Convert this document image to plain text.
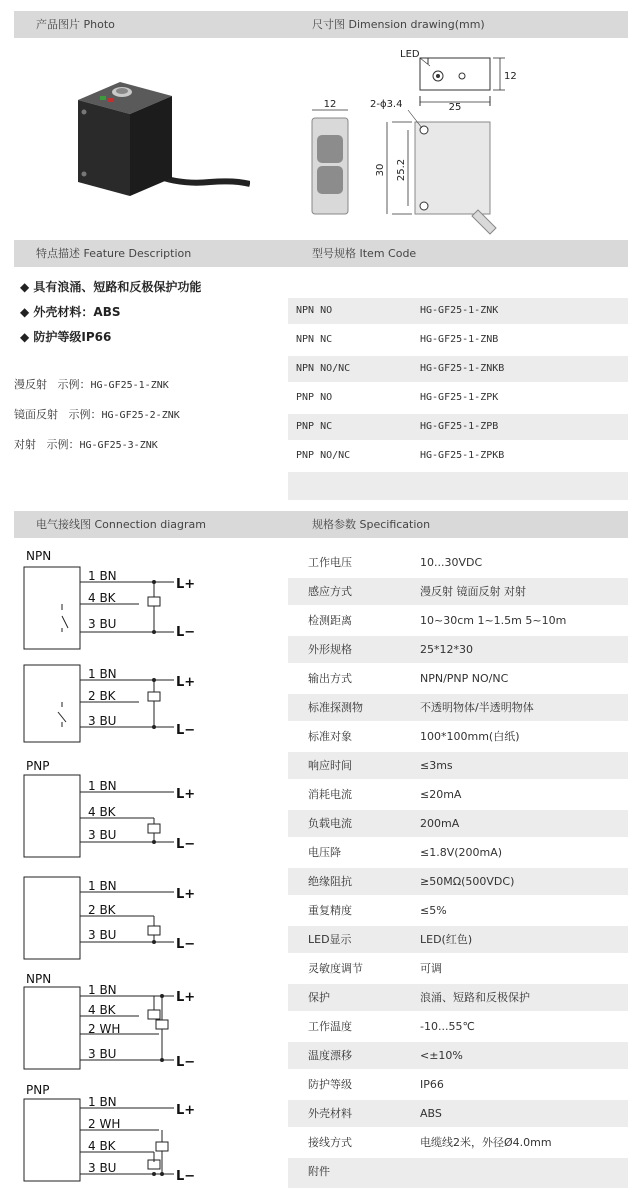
产品图片 Photo	尺寸图 Dimension drawing(mm)
25
12
LED
12
30 25.2
2-ϕ3.4
特点描述 Feature Description	型号规格 Item Code
◆ 具有浪涌、短路和反极保护功能
◆ 外壳材料：ABS
◆ 防护等级IP66
漫反射 示例：HG-GF25-1-ZNK
镜面反射 示例：HG-GF25-2-ZNK
对射 示例：HG-GF25-3-ZNK
NPN NO	HG-GF25-1-ZNK
NPN NC	HG-GF25-1-ZNB
NPN NO/NC	HG-GF25-1-ZNKB
PNP NO	HG-GF25-1-ZPK
PNP NC	HG-GF25-1-ZPB
PNP NO/NC	HG-GF25-1-ZPKB
电气接线图 Connection diagram	规格参数 Specification
NPN
1 BN
4 BK
3 BU
L+
L−
1 BN
2 BK
3 BU
L+
L−
PNP
1 BN
4 BK
3 BU
L+
L−
1 BN
2 BK
3 BU
L+
L−
NPN
1 BN
4 BK
2 WH
3 BU
L+
L−
PNP
1 BN
2 WH
4 BK
3 BU
L+
L−
工作电压	10...30VDC
感应方式	漫反射 镜面反射 对射
检测距离	10~30cm 1~1.5m 5~10m
外形规格	25*12*30
输出方式	NPN/PNP NO/NC
标准探测物	不透明物体/半透明物体
标准对象	100*100mm(白纸)
响应时间	≤3ms
消耗电流	≤20mA
负载电流	200mA
电压降	≤1.8V(200mA)
绝缘阻抗	≥50MΩ(500VDC)
重复精度	≤5%
LED显示	LED(红色)
灵敏度调节	可调
保护	浪涌、短路和反极保护
工作温度	-10...55℃
温度漂移	<±10%
防护等级	IP66
外壳材料	ABS
接线方式	电缆线2米，外径Ø4.0mm
附件
